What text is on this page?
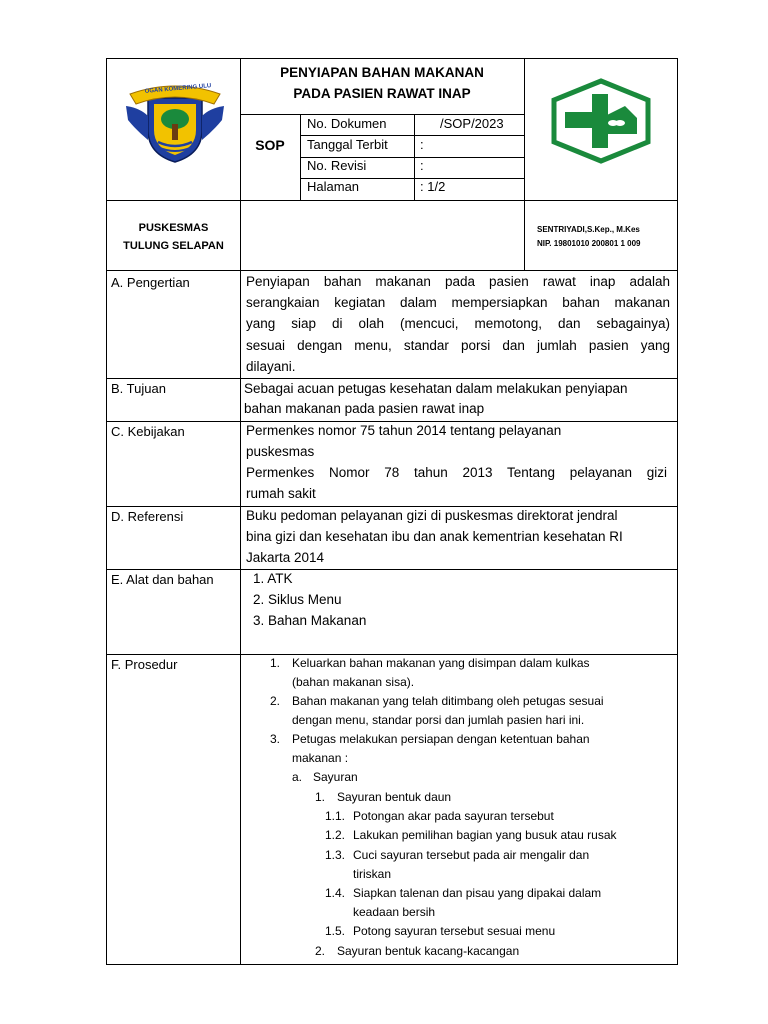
OGAN KOMERING ULU
PENYIAPAN BAHAN MAKANAN
PADA PASIEN RAWAT INAP
SOP
No. Dokumen	/SOP/2023
Tanggal Terbit :
No. Revisi	:
Halaman	: 1/2
PUSKESMAS
TULUNG SELAPAN
SENTRIYADI,S.Kep., M.Kes
NIP. 19801010 200801 1 009
A. Pengertian	Penyiapan bahan makanan pada pasien rawat inap adalah
serangkaian kegiatan dalam mempersiapkan bahan makanan
yang siap di olah (mencuci, memotong, dan sebagainya)
sesuai dengan menu, standar porsi dan jumlah pasien yang
dilayani.
B. Tujuan	Sebagai acuan petugas kesehatan dalam melakukan penyiapan
bahan makanan pada pasien rawat inap
C. Kebijakan	Permenkes nomor 75 tahun 2014 tentang pelayanan
puskesmas
Permenkes Nomor 78 tahun 2013 Tentang pelayanan gizi
rumah sakit
D. Referensi	Buku pedoman pelayanan gizi di puskesmas direktorat jendral
bina gizi dan kesehatan ibu dan anak kementrian kesehatan RI
Jakarta 2014
E. Alat dan bahan	1. ATK
2. Siklus Menu
3. Bahan Makanan
F. Prosedur	1. Keluarkan bahan makanan yang disimpan dalam kulkas
(bahan makanan sisa).
2. Bahan makanan yang telah ditimbang oleh petugas sesuai
dengan menu, standar porsi dan jumlah pasien hari ini.
3. Petugas melakukan persiapan dengan ketentuan bahan
makanan :
a. Sayuran
1. Sayuran bentuk daun
1.1. Potongan akar pada sayuran tersebut
1.2. Lakukan pemilihan bagian yang busuk atau rusak
1.3. Cuci sayuran tersebut pada air mengalir dan
tiriskan
1.4. Siapkan talenan dan pisau yang dipakai dalam
keadaan bersih
1.5. Potong sayuran tersebut sesuai menu
2. Sayuran bentuk kacang-kacangan
